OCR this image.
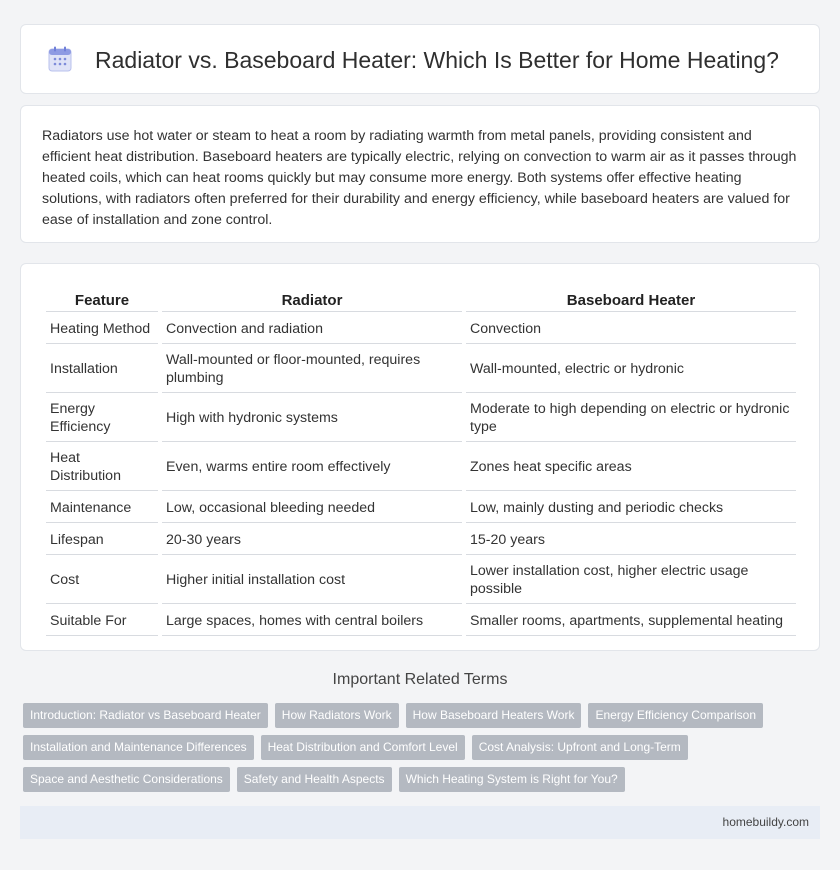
Radiator vs. Baseboard Heater: Which Is Better for Home Heating?

Radiators use hot water or steam to heat a room by radiating warmth from metal panels, providing consistent and efficient heat distribution. Baseboard heaters are typically electric, relying on convection to warm air as it passes through heated coils, which can heat rooms quickly but may consume more energy. Both systems offer effective heating solutions, with radiators often preferred for their durability and energy efficiency, while baseboard heaters are valued for ease of installation and zone control.

Feature	Radiator	Baseboard Heater
Heating Method	Convection and radiation	Convection
Installation	Wall-mounted or floor-mounted, requires plumbing	Wall-mounted, electric or hydronic
Energy Efficiency	High with hydronic systems	Moderate to high depending on electric or hydronic type
Heat Distribution	Even, warms entire room effectively	Zones heat specific areas
Maintenance	Low, occasional bleeding needed	Low, mainly dusting and periodic checks
Lifespan	20-30 years	15-20 years
Cost	Higher initial installation cost	Lower installation cost, higher electric usage possible
Suitable For	Large spaces, homes with central boilers	Smaller rooms, apartments, supplemental heating
Important Related Terms
Introduction: Radiator vs Baseboard Heater	How Radiators Work	How Baseboard Heaters Work	Energy Efficiency Comparison
Installation and Maintenance Differences	Heat Distribution and Comfort Level	Cost Analysis: Upfront and Long-Term
Space and Aesthetic Considerations	Safety and Health Aspects	Which Heating System is Right for You?
homebuildy.com
